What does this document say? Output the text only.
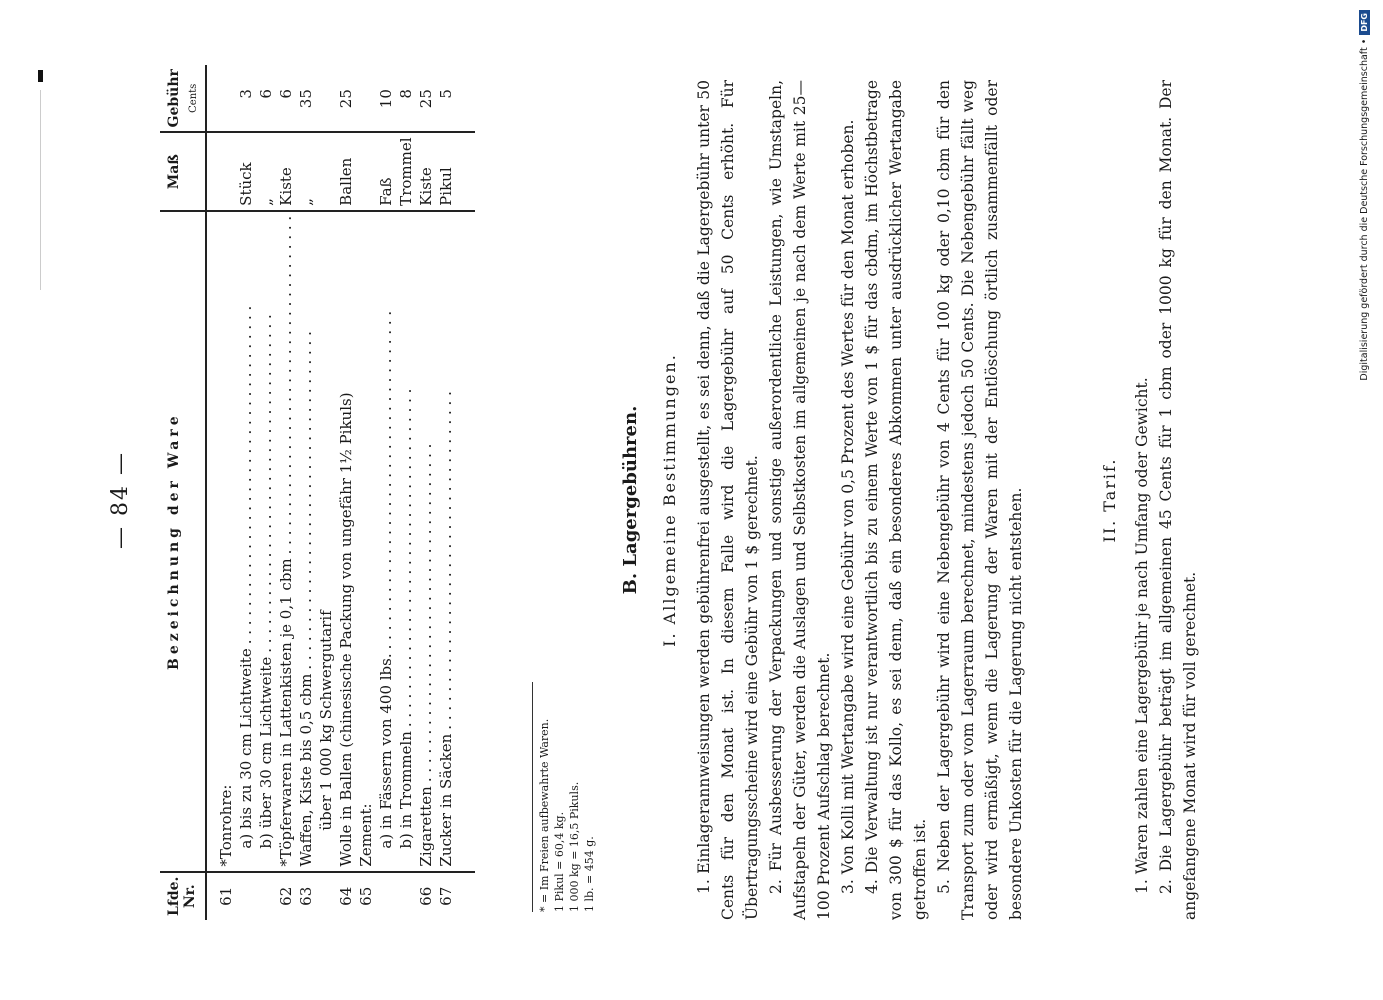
— 84 —
Lfde. Nr.	Bezeichnung der Ware	Maß	Gebühr Cents

61	*Tonrohre:		
	a) bis zu 30 cm Lichtweite. . . . . . . . . . . . . . . . . . . . . . . . . . . . . . . . . . . .	Stück	3
	b) über 30 cm Lichtweite. . . . . . . . . . . . . . . . . . . . . . . . . . . . . . . . . . . .	„	6
62	*Töpferwaren in Lattenkisten je 0,1 cbm. . . . . . . . . . . . . . . . . . . . . . . . . . . . . . . . . . . .	Kiste	6
63	Waffen, Kiste bis 0,5 cbm. . . . . . . . . . . . . . . . . . . . . . . . . . . . . . . . . . . .	„	35
	über 1 000 kg Schwergutarif		
64	Wolle in Ballen (chinesische Packung von ungefähr 1½ Pikuls)	Ballen	25
65	Zement:		
	a) in Fässern von 400 lbs.. . . . . . . . . . . . . . . . . . . . . . . . . . . . . . . . . . . .	Faß	10
	b) in Trommeln. . . . . . . . . . . . . . . . . . . . . . . . . . . . . . . . . . . .	Trommel	8
66	Zigaretten. . . . . . . . . . . . . . . . . . . . . . . . . . . . . . . . . . . .	Kiste	25
67	Zucker in Säcken. . . . . . . . . . . . . . . . . . . . . . . . . . . . . . . . . . . .	Pikul	5
* = Im Freien aufbewahrte Waren. 1 Pikul = 60,4 kg. 1 000 kg = 16,5 Pikuls. 1 lb. = 454 g.
B. Lagergebühren. I. Allgemeine Bestimmungen. 1. Einlagerannweisungen werden gebührenfrei ausgestellt, es sei denn, daß die Lagergebühr unter 50 Cents für den Monat ist. In diesem Falle wird die Lagergebühr auf 50 Cents erhöht. Für Übertragungsscheine wird eine Gebühr von 1 $ gerechnet. 2. Für Ausbesserung der Verpackungen und sonstige außerordentliche Leistungen, wie Umstapeln, Aufstapeln der Güter, werden die Auslagen und Selbstkosten im allgemeinen je nach dem Werte mit 25—100 Prozent Aufschlag berechnet. 3. Von Kolli mit Wertangabe wird eine Gebühr von 0,5 Prozent des Wertes für den Monat erhoben. 4. Die Verwaltung ist nur verantwortlich bis zu einem Werte von 1 $ für das cbdm, im Höchstbetrage von 300 $ für das Kollo, es sei denn, daß ein besonderes Abkommen unter ausdrücklicher Wertangabe getroffen ist. 5. Neben der Lagergebühr wird eine Nebengebühr von 4 Cents für 100 kg oder 0,10 cbm für den Transport zum oder vom Lagerraum berechnet, mindestens jedoch 50 Cents. Die Nebengebühr fällt weg oder wird ermäßigt, wenn die Lagerung der Waren mit der Entlöschung örtlich zusammenfällt oder besondere Unkosten für die Lagerung nicht entstehen.	II. Tarif. 1. Waren zahlen eine Lagergebühr je nach Umfang oder Gewicht. 2. Die Lagergebühr beträgt im allgemeinen 45 Cents für 1 cbm oder 1000 kg für den Monat. Der angefangene Monat wird für voll gerechnet.

Digitalisierung gefördert durch die Deutsche Forschungsgemeinschaft •DFG
